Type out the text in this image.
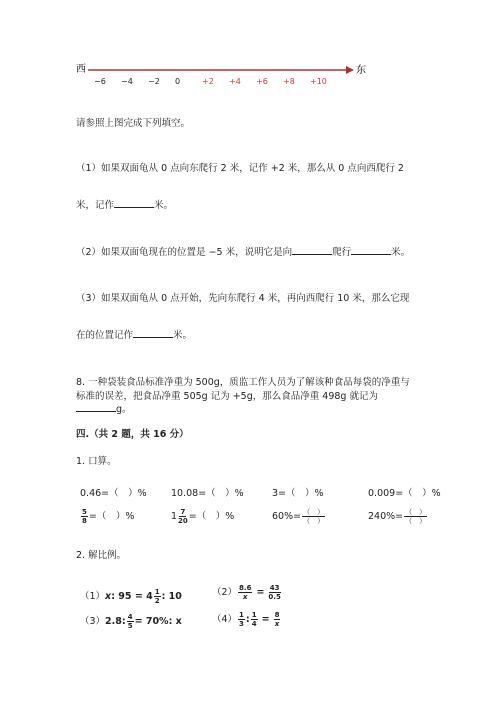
西	东
−6 −4 −2 0	+2 +4 +6 +8 +10
请参照上图完成下列填空。
（1）如果双面龟从 0 点向东爬行 2 米，记作 +2 米，那么从 0 点向西爬行 2
米，记作	米。
（2）如果双面龟现在的位置是 −5 米，说明它是向	爬行	米。
（3）如果双面龟从 0 点开始，先向东爬行 4 米，再向西爬行 10 米，那么它现
在的位置记作	米。
8. 一种袋装食品标准净重为 500g，质监工作人员为了解该种食品每袋的净重与
标准的误差，把食品净重 505g 记为 +5g，那么食品净重 498g 就记为
g。
四.（共 2 题，共 16 分）
1. 口算。
0.46=（　）%	10.08=（　）%	3=（　）%	0.009=（　）%
$\frac{5}{8}$ =（　）%	$1 \frac{7}{20}$ =（　）%	$60\%= \frac{( )}{( )}$	$240\%= \frac{( )}{( )}$
2. 解比例。
（1） x : $95 = 4 \frac{1}{2}$ : 10	$(2) \frac{8.6}{x} = \frac{43}{0.5}$
（3） 2.8: $\frac{4}{5} = 70\%$: x	$(4) \frac{1}{3}$ : $\frac{1}{4} = \frac{8}{x}$
